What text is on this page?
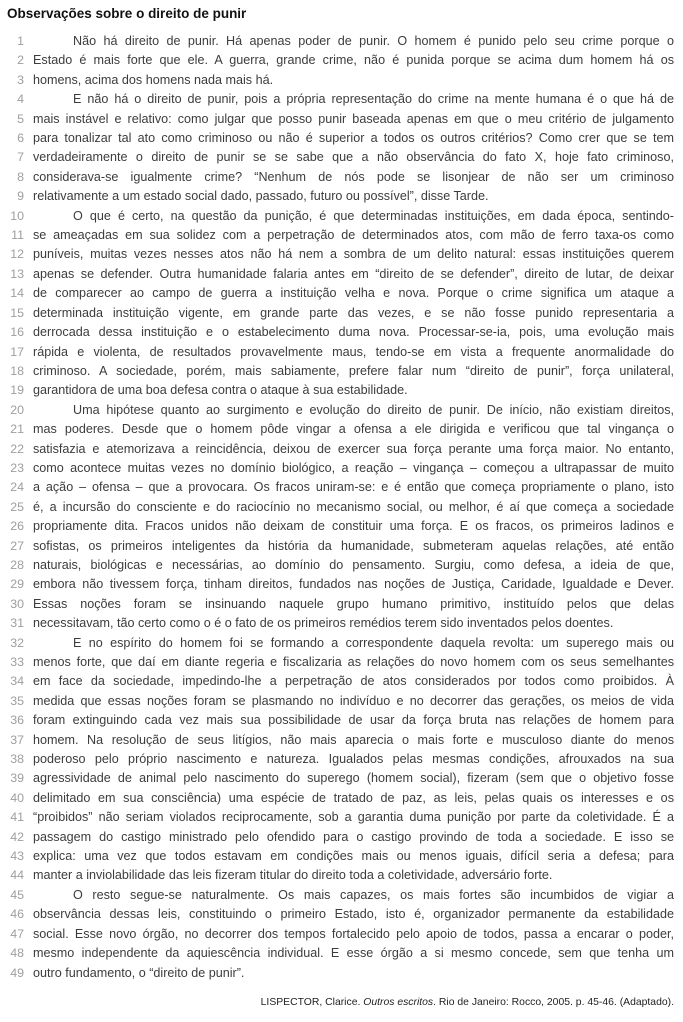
Observações sobre o direito de punir
1	Não há direito de punir. Há apenas poder de punir. O homem é punido pelo seu crime porque o
2 Estado é mais forte que ele. A guerra, grande crime, não é punida porque se acima dum homem há os
3 homens, acima dos homens nada mais há.
4	E não há o direito de punir, pois a própria representação do crime na mente humana é o que há de
5 mais instável e relativo: como julgar que posso punir baseada apenas em que o meu critério de julgamento
6 para tonalizar tal ato como criminoso ou não é superior a todos os outros critérios? Como crer que se tem
7 verdadeiramente o direito de punir se se sabe que a não observância do fato X, hoje fato criminoso,
8 considerava-se igualmente crime? “Nenhum de nós pode se lisonjear de não ser um criminoso
9 relativamente a um estado social dado, passado, futuro ou possível”, disse Tarde.
10	O que é certo, na questão da punição, é que determinadas instituições, em dada época, sentindo-
11 se ameaçadas em sua solidez com a perpetração de determinados atos, com mão de ferro taxa-os como
12 puníveis, muitas vezes nesses atos não há nem a sombra de um delito natural: essas instituições querem
13 apenas se defender. Outra humanidade falaria antes em “direito de se defender”, direito de lutar, de deixar
14 de comparecer ao campo de guerra a instituição velha e nova. Porque o crime significa um ataque a
15 determinada instituição vigente, em grande parte das vezes, e se não fosse punido representaria a
16 derrocada dessa instituição e o estabelecimento duma nova. Processar-se-ia, pois, uma evolução mais
17 rápida e violenta, de resultados provavelmente maus, tendo-se em vista a frequente anormalidade do
18 criminoso. A sociedade, porém, mais sabiamente, prefere falar num “direito de punir”, força unilateral,
19 garantidora de uma boa defesa contra o ataque à sua estabilidade.
20	Uma hipótese quanto ao surgimento e evolução do direito de punir. De início, não existiam direitos,
21 mas poderes. Desde que o homem pôde vingar a ofensa a ele dirigida e verificou que tal vingança o
22 satisfazia e atemorizava a reincidência, deixou de exercer sua força perante uma força maior. No entanto,
23 como acontece muitas vezes no domínio biológico, a reação – vingança – começou a ultrapassar de muito
24 a ação – ofensa – que a provocara. Os fracos uniram-se: e é então que começa propriamente o plano, isto
25 é, a incursão do consciente e do raciocínio no mecanismo social, ou melhor, é aí que começa a sociedade
26 propriamente dita. Fracos unidos não deixam de constituir uma força. E os fracos, os primeiros ladinos e
27 sofistas, os primeiros inteligentes da história da humanidade, submeteram aquelas relações, até então
28 naturais, biológicas e necessárias, ao domínio do pensamento. Surgiu, como defesa, a ideia de que,
29 embora não tivessem força, tinham direitos, fundados nas noções de Justiça, Caridade, Igualdade e Dever.
30 Essas noções foram se insinuando naquele grupo humano primitivo, instituído pelos que delas
31 necessitavam, tão certo como o é o fato de os primeiros remédios terem sido inventados pelos doentes.
32	E no espírito do homem foi se formando a correspondente daquela revolta: um superego mais ou
33 menos forte, que daí em diante regeria e fiscalizaria as relações do novo homem com os seus semelhantes
34 em face da sociedade, impedindo-lhe a perpetração de atos considerados por todos como proibidos. À
35 medida que essas noções foram se plasmando no indivíduo e no decorrer das gerações, os meios de vida
36 foram extinguindo cada vez mais sua possibilidade de usar da força bruta nas relações de homem para
37 homem. Na resolução de seus litígios, não mais aparecia o mais forte e musculoso diante do menos
38 poderoso pelo próprio nascimento e natureza. Igualados pelas mesmas condições, afrouxados na sua
39 agressividade de animal pelo nascimento do superego (homem social), fizeram (sem que o objetivo fosse
40 delimitado em sua consciência) uma espécie de tratado de paz, as leis, pelas quais os interesses e os
41 “proibidos” não seriam violados reciprocamente, sob a garantia duma punição por parte da coletividade. É a
42 passagem do castigo ministrado pelo ofendido para o castigo provindo de toda a sociedade. E isso se
43 explica: uma vez que todos estavam em condições mais ou menos iguais, difícil seria a defesa; para
44 manter a inviolabilidade das leis fizeram titular do direito toda a coletividade, adversário forte.
45	O resto segue-se naturalmente. Os mais capazes, os mais fortes são incumbidos de vigiar a
46 observância dessas leis, constituindo o primeiro Estado, isto é, organizador permanente da estabilidade
47 social. Esse novo órgão, no decorrer dos tempos fortalecido pelo apoio de todos, passa a encarar o poder,
48 mesmo independente da aquiescência individual. E esse órgão a si mesmo concede, sem que tenha um
49 outro fundamento, o “direito de punir”.
LISPECTOR, Clarice. Outros escritos. Rio de Janeiro: Rocco, 2005. p. 45-46. (Adaptado).
